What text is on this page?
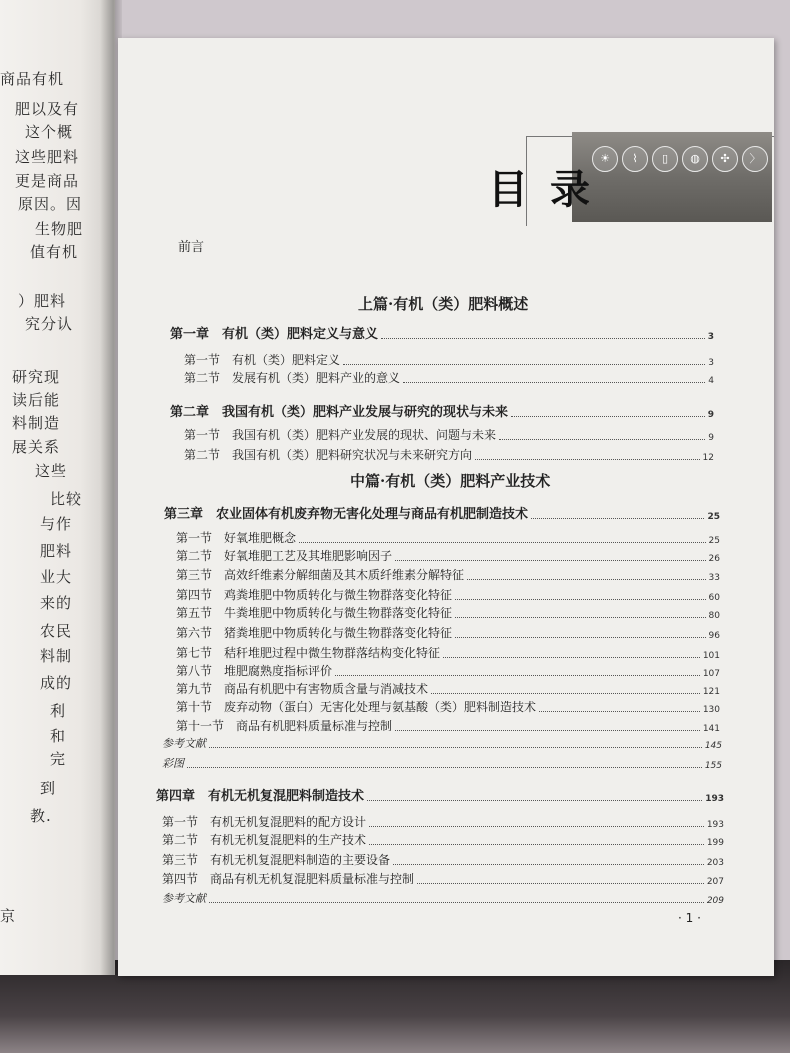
商品有机
肥以及有
这个概
这些肥料
更是商品
原因。因
生物肥
值有机
）肥料
究分认
研究现
读后能
料制造
展关系
这些
比较
与作
肥料
业大
来的
农民
料制
成的
利
和
完
到
教.
京
☀	⌇	▯	◍	✣	〉
目录
前言
上篇·有机（类）肥料概述
中篇·有机（类）肥料产业技术
第一章　有机（类）肥料定义与意义	3
第一节　有机（类）肥料定义	3
第二节　发展有机（类）肥料产业的意义	4
第二章　我国有机（类）肥料产业发展与研究的现状与未来	9
第一节　我国有机（类）肥料产业发展的现状、问题与未来	9
第二节　我国有机（类）肥料研究状况与未来研究方向	12
第三章　农业固体有机废弃物无害化处理与商品有机肥制造技术	25
第一节　好氧堆肥概念	25
第二节　好氧堆肥工艺及其堆肥影响因子	26
第三节　高效纤维素分解细菌及其木质纤维素分解特征	33
第四节　鸡粪堆肥中物质转化与微生物群落变化特征	60
第五节　牛粪堆肥中物质转化与微生物群落变化特征	80
第六节　猪粪堆肥中物质转化与微生物群落变化特征	96
第七节　秸秆堆肥过程中微生物群落结构变化特征	101
第八节　堆肥腐熟度指标评价	107
第九节　商品有机肥中有害物质含量与消减技术	121
第十节　废弃动物（蛋白）无害化处理与氨基酸（类）肥料制造技术	130
第十一节　商品有机肥料质量标准与控制	141
参考文献	145
彩图	155
第四章　有机无机复混肥料制造技术	193
第一节　有机无机复混肥料的配方设计	193
第二节　有机无机复混肥料的生产技术	199
第三节　有机无机复混肥料制造的主要设备	203
第四节　商品有机无机复混肥料质量标准与控制	207
参考文献	209
· 1 ·
